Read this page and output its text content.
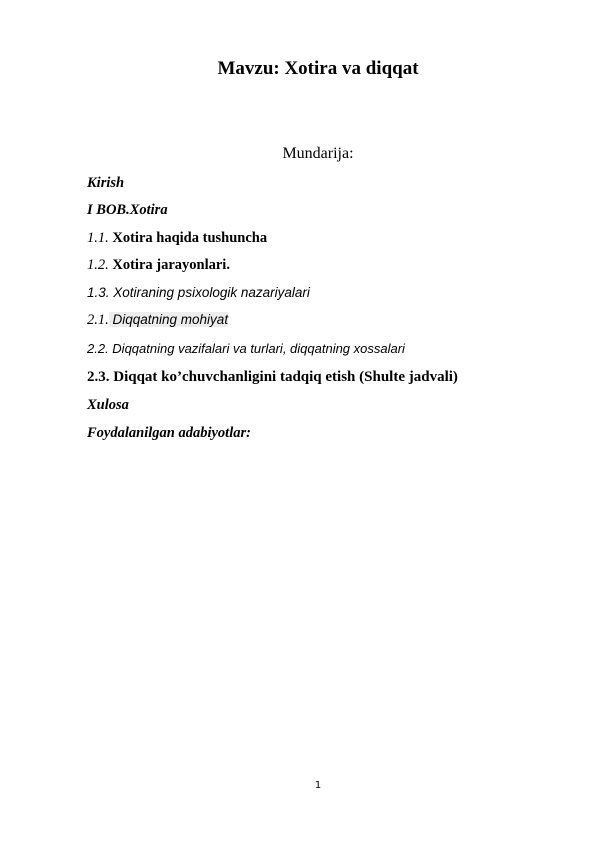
Mavzu: Xotira va diqqat
Mundarija:
Kirish
I BOB.Xotira
1.1. Xotira haqida tushuncha
1.2. Xotira jarayonlari.
1.3. Xotiraning psixologik nazariyalari
2.1. Diqqatning mohiyat
2.2. Diqqatning vazifalari va turlari, diqqatning xossalari
2.3. Diqqat ko’chuvchanligini tadqiq etish (Shulte jadvali)
Xulosa
Foydalanilgan adabiyotlar:
1
